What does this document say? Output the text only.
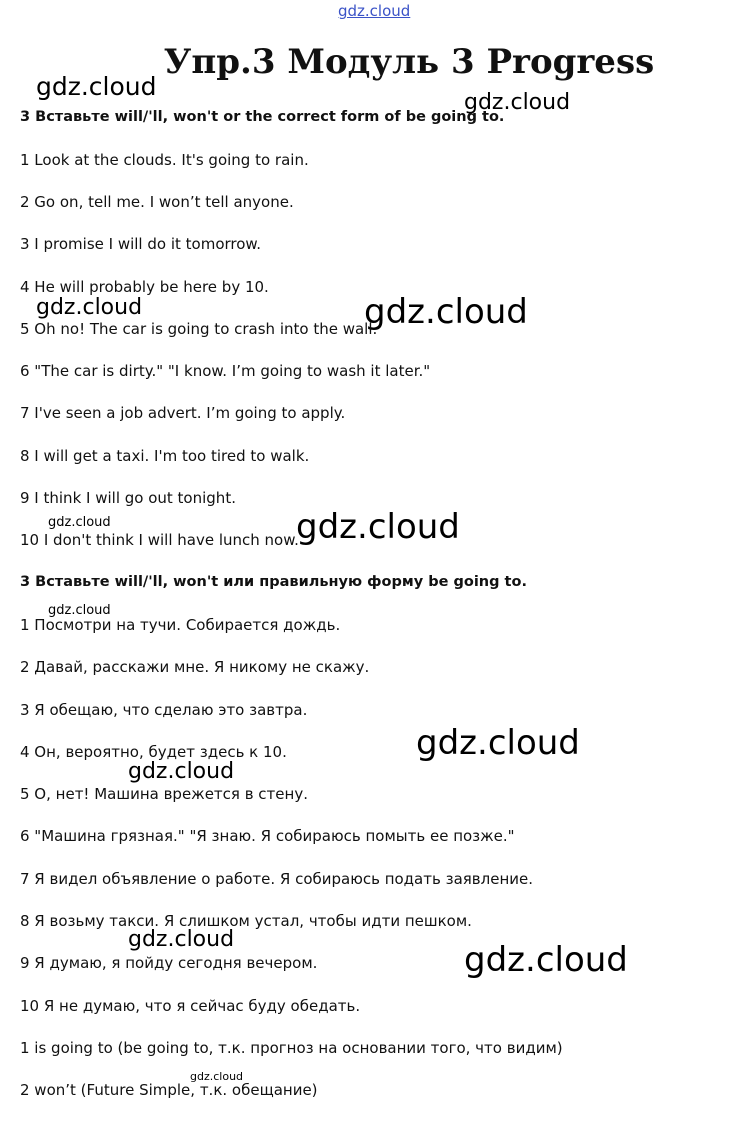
gdz.cloud
gdz.cloud
gdz.cloud
gdz.cloud	gdz.cloud
gdz.cloud	gdz.cloud
gdz.cloud
gdz.cloud
gdz.cloud
gdz.cloud
gdz.cloud
gdz.cloud
Упр.3 Модуль 3 Progress

3 Вставьте will/'ll, won't or the correct form of be going to.

1 Look at the clouds. It's going to rain.

2 Go on, tell me. I won’t tell anyone.

3 I promise I will do it tomorrow.

4 He will probably be here by 10.

5 Oh no! The car is going to crash into the wall.

6 "The car is dirty." "I know. I’m going to wash it later."

7 I've seen a job advert. I’m going to apply.

8 I will get a taxi. I'm too tired to walk.

9 I think I will go out tonight.

10 I don't think I will have lunch now.

3 Вставьте will/'ll, won't или правильную форму be going to.

1 Посмотри на тучи. Собирается дождь.

2 Давай, расскажи мне. Я никому не скажу.

3 Я обещаю, что сделаю это завтра.

4 Он, вероятно, будет здесь к 10.

5 О, нет! Машина врежется в стену.

6 "Машина грязная." "Я знаю. Я собираюсь помыть ее позже."

7 Я видел объявление о работе. Я собираюсь подать заявление.

8 Я возьму такси. Я слишком устал, чтобы идти пешком.

9 Я думаю, я пойду сегодня вечером.

10 Я не думаю, что я сейчас буду обедать.

1 is going to (be going to, т.к. прогноз на основании того, что видим)

2 won’t (Future Simple, т.к. обещание)
